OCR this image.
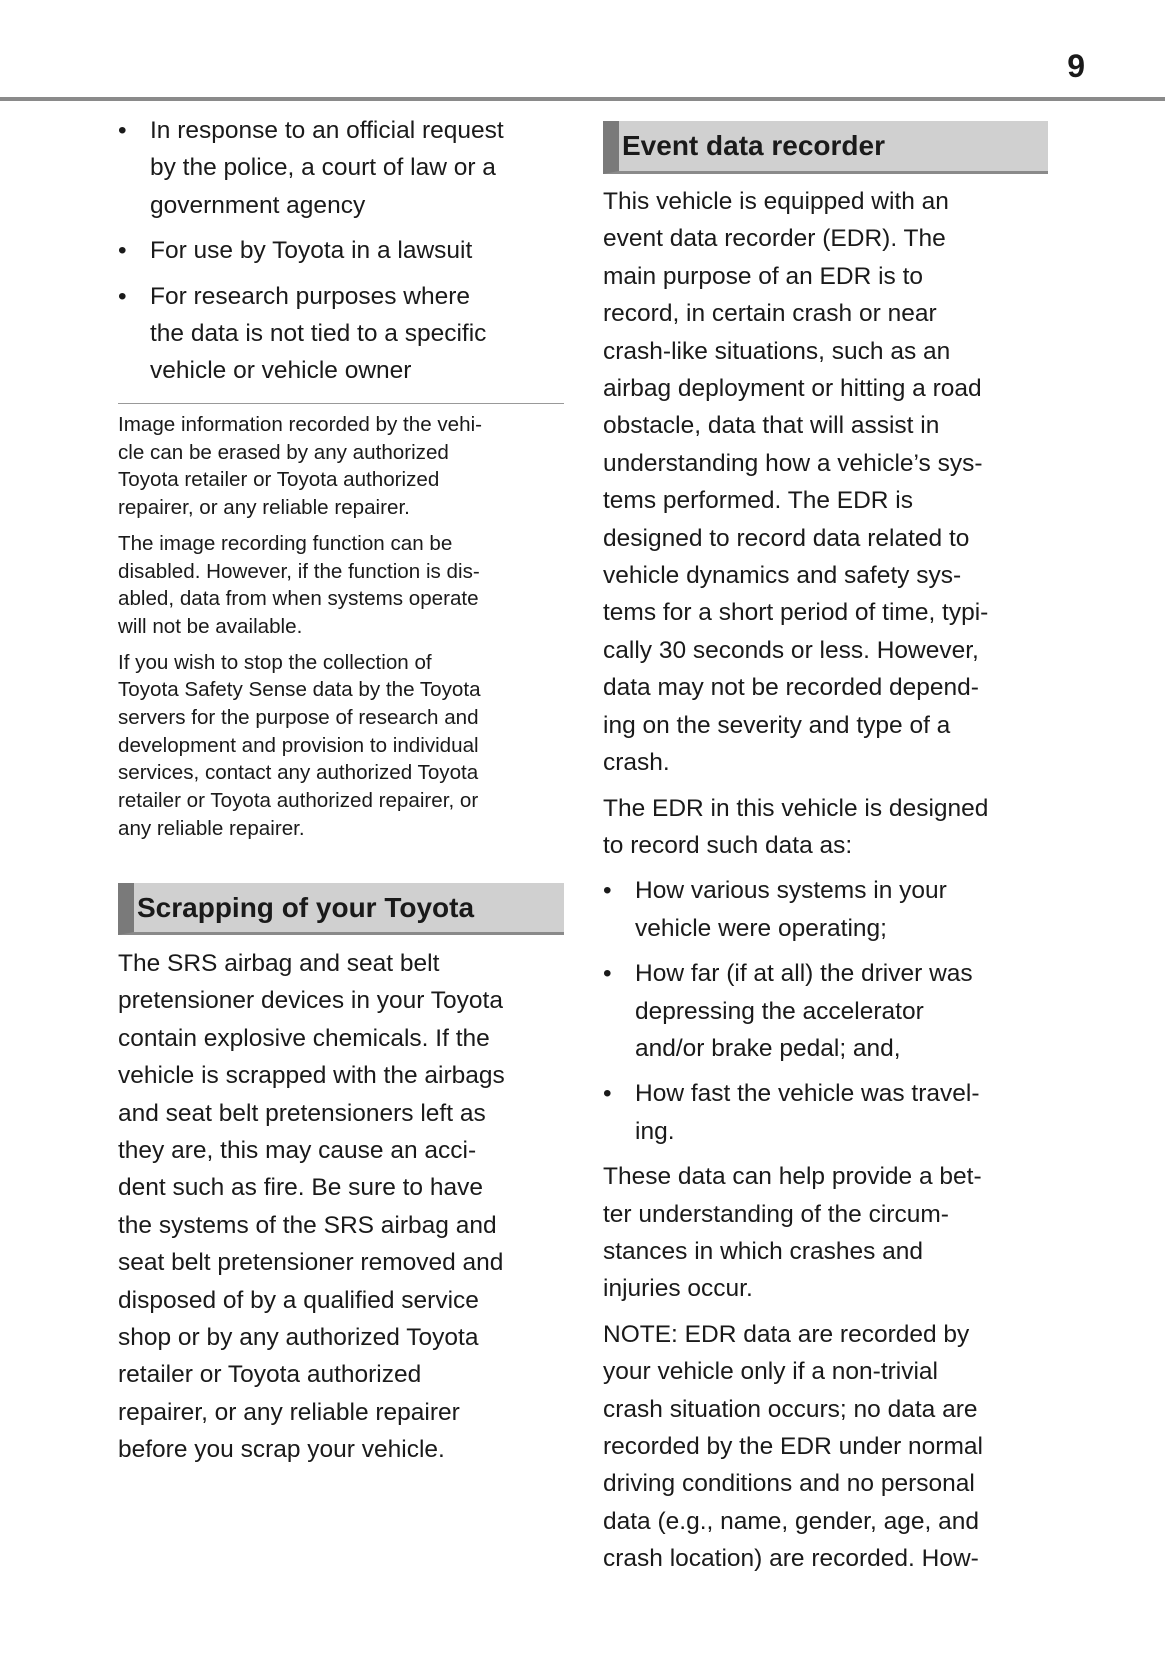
9
• In response to an official request
by the police, a court of law or a
government agency
• For use by Toyota in a lawsuit
• For research purposes where
the data is not tied to a specific
vehicle or vehicle owner
Image information recorded by the vehi-
cle can be erased by any authorized
Toyota retailer or Toyota authorized
repairer, or any reliable repairer.
The image recording function can be
disabled. However, if the function is dis-
abled, data from when systems operate
will not be available.
If you wish to stop the collection of
Toyota Safety Sense data by the Toyota
servers for the purpose of research and
development and provision to individual
services, contact any authorized Toyota
retailer or Toyota authorized repairer, or
any reliable repairer.
Scrapping of your Toyota
The SRS airbag and seat belt
pretensioner devices in your Toyota
contain explosive chemicals. If the
vehicle is scrapped with the airbags
and seat belt pretensioners left as
they are, this may cause an acci-
dent such as fire. Be sure to have
the systems of the SRS airbag and
seat belt pretensioner removed and
disposed of by a qualified service
shop or by any authorized Toyota
retailer or Toyota authorized
repairer, or any reliable repairer
before you scrap your vehicle.
Event data recorder
This vehicle is equipped with an
event data recorder (EDR). The
main purpose of an EDR is to
record, in certain crash or near
crash-like situations, such as an
airbag deployment or hitting a road
obstacle, data that will assist in
understanding how a vehicle’s sys-
tems performed. The EDR is
designed to record data related to
vehicle dynamics and safety sys-
tems for a short period of time, typi-
cally 30 seconds or less. However,
data may not be recorded depend-
ing on the severity and type of a
crash.
The EDR in this vehicle is designed
to record such data as:
• How various systems in your
vehicle were operating;
• How far (if at all) the driver was
depressing the accelerator
and/or brake pedal; and,
• How fast the vehicle was travel-
ing.
These data can help provide a bet-
ter understanding of the circum-
stances in which crashes and
injuries occur.
NOTE: EDR data are recorded by
your vehicle only if a non-trivial
crash situation occurs; no data are
recorded by the EDR under normal
driving conditions and no personal
data (e.g., name, gender, age, and
crash location) are recorded. How-
